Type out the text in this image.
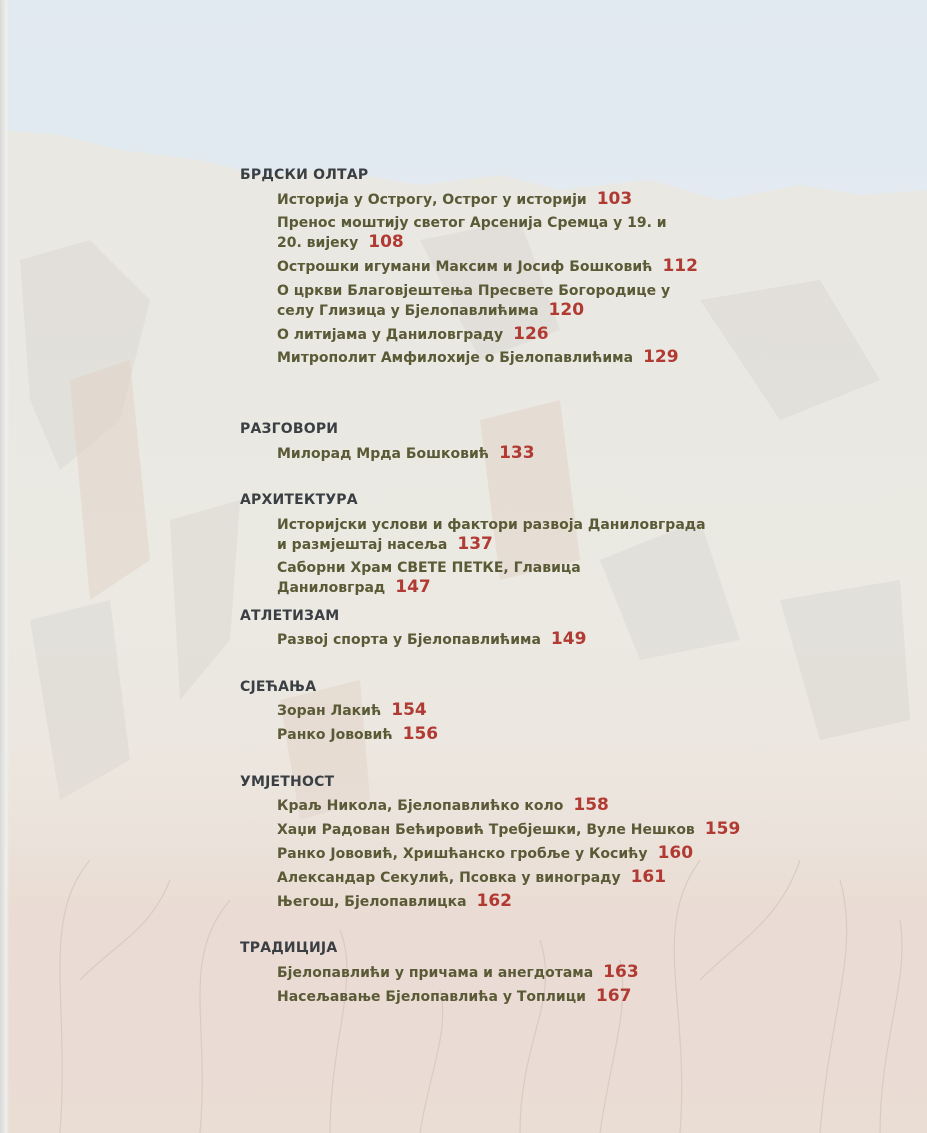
БРДСКИ ОЛТАР
Историја у Острогу, Острог у историји 103
Пренос моштију светог Арсенија Сремца у 19. и 20. вијеку 108
Острошки игумани Максим и Јосиф Бошковић 112
О цркви Благовјештења Пресвете Богородице у селу Глизица у Бјелопавлићима 120
О литијама у Даниловграду 126
Митрополит Амфилохије о Бјелопавлићима 129
РАЗГОВОРИ
Милорад Мрда Бошковић 133
АРХИТЕКТУРА
Историјски услови и фактори развоја Даниловграда и размјештај насеља 137
Саборни Храм СВЕТЕ ПЕТКЕ, Главица Даниловград 147
АТЛЕТИЗАМ
Развој спорта у Бјелопавлићима 149
СЈЕЋАЊА
Зоран Лакић 154
Ранко Јововић 156
УМЈЕТНОСТ
Краљ Никола, Бјелопавлићко коло 158
Хаџи Радован Бећировић Требјешки, Вуле Нешков 159
Ранко Јововић, Хришћанско гробље у Косићу 160
Александар Секулић, Псовка у винограду 161
Његош, Бјелопавлицка 162
ТРАДИЦИЈА
Бјелопавлићи у причама и анегдотама 163
Насељавање Бјелопавлића у Топлици 167
